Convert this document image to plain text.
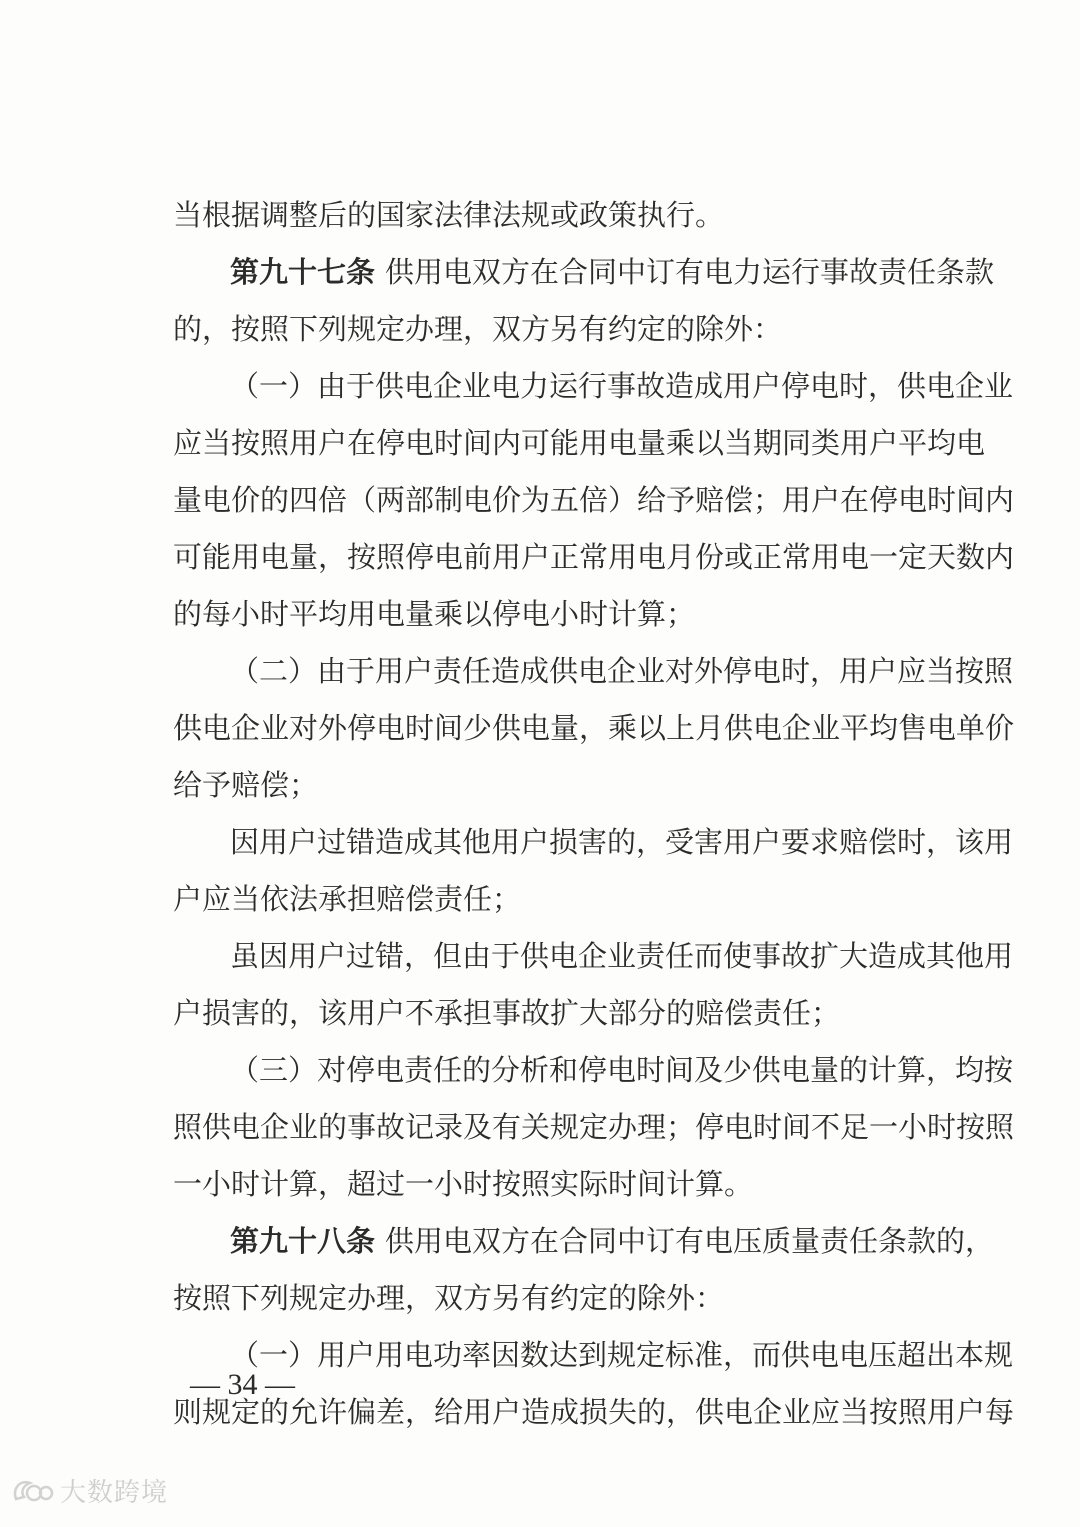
当根据调整后的国家法律法规或政策执行。
第九十七条 供用电双方在合同中订有电力运行事故责任条款
的，按照下列规定办理，双方另有约定的除外：
（一）由于供电企业电力运行事故造成用户停电时，供电企业
应当按照用户在停电时间内可能用电量乘以当期同类用户平均电
量电价的四倍（两部制电价为五倍）给予赔偿；用户在停电时间内
可能用电量，按照停电前用户正常用电月份或正常用电一定天数内
的每小时平均用电量乘以停电小时计算；
（二）由于用户责任造成供电企业对外停电时，用户应当按照
供电企业对外停电时间少供电量，乘以上月供电企业平均售电单价
给予赔偿；
因用户过错造成其他用户损害的，受害用户要求赔偿时，该用
户应当依法承担赔偿责任；
虽因用户过错，但由于供电企业责任而使事故扩大造成其他用
户损害的，该用户不承担事故扩大部分的赔偿责任；
（三）对停电责任的分析和停电时间及少供电量的计算，均按
照供电企业的事故记录及有关规定办理；停电时间不足一小时按照
一小时计算，超过一小时按照实际时间计算。
第九十八条 供用电双方在合同中订有电压质量责任条款的，
按照下列规定办理，双方另有约定的除外：
（一）用户用电功率因数达到规定标准，而供电电压超出本规
则规定的允许偏差，给用户造成损失的，供电企业应当按照用户每
— 34 —
大数跨境
